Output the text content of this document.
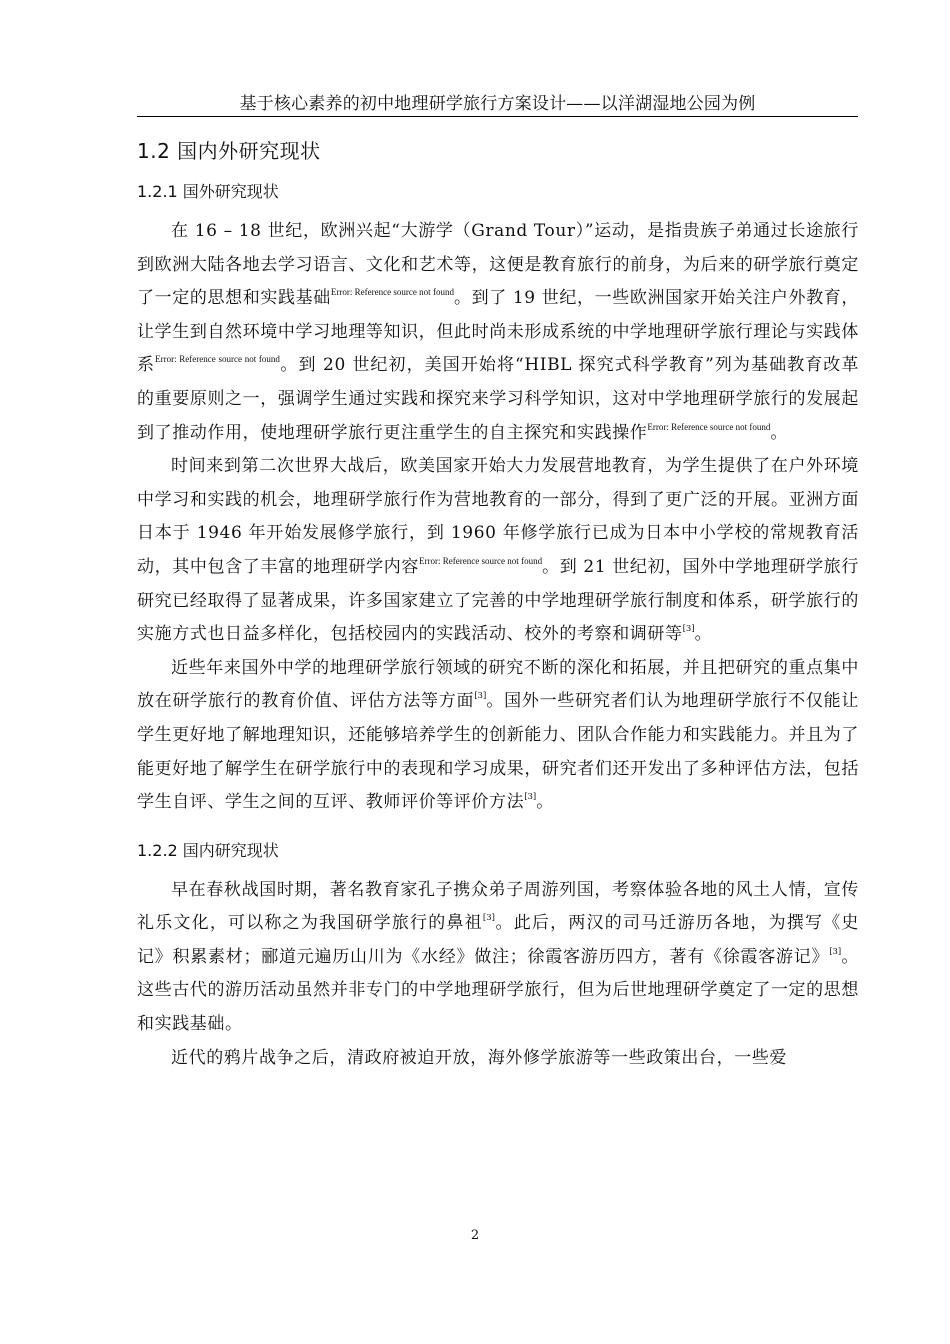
基于核心素养的初中地理研学旅行方案设计——以洋湖湿地公园为例
1.2 国内外研究现状
1.2.1 国外研究现状

在 16 – 18 世纪，欧洲兴起“大游学（Grand Tour）”运动，是指贵族子弟通过长途旅行到欧洲大陆各地去学习语言、文化和艺术等，这便是教育旅行的前身，为后来的研学旅行奠定了一定的思想和实践基础$^{Error: Reference source not found}$。到了 19 世纪，一些欧洲国家开始关注户外教育，让学生到自然环境中学习地理等知识，但此时尚未形成系统的中学地理研学旅行理论与实践体系$^{Error: Reference source not found}$。到 20 世纪初，美国开始将“HIBL 探究式科学教育”列为基础教育改革的重要原则之一，强调学生通过实践和探究来学习科学知识，这对中学地理研学旅行的发展起到了推动作用，使地理研学旅行更注重学生的自主探究和实践操作$^{Error: Reference source not found}$。

时间来到第二次世界大战后，欧美国家开始大力发展营地教育，为学生提供了在户外环境中学习和实践的机会，地理研学旅行作为营地教育的一部分，得到了更广泛的开展。亚洲方面日本于 1946 年开始发展修学旅行，到 1960 年修学旅行已成为日本中小学校的常规教育活动，其中包含了丰富的地理研学内容$^{Error: Reference source not found}$。到 21 世纪初，国外中学地理研学旅行研究已经取得了显著成果，许多国家建立了完善的中学地理研学旅行制度和体系，研学旅行的实施方式也日益多样化，包括校园内的实践活动、校外的考察和调研等[3]。

近些年来国外中学的地理研学旅行领域的研究不断的深化和拓展，并且把研究的重点集中放在研学旅行的教育价值、评估方法等方面[3]。国外一些研究者们认为地理研学旅行不仅能让学生更好地了解地理知识，还能够培养学生的创新能力、团队合作能力和实践能力。并且为了能更好地了解学生在研学旅行中的表现和学习成果，研究者们还开发出了多种评估方法，包括学生自评、学生之间的互评、教师评价等评价方法[3]。

1.2.2 国内研究现状

早在春秋战国时期，著名教育家孔子携众弟子周游列国，考察体验各地的风土人情，宣传礼乐文化，可以称之为我国研学旅行的鼻祖[3]。此后，两汉的司马迁游历各地，为撰写《史记》积累素材；郦道元遍历山川为《水经》做注；徐霞客游历四方，著有《徐霞客游记》[3]。这些古代的游历活动虽然并非专门的中学地理研学旅行，但为后世地理研学奠定了一定的思想和实践基础。

近代的鸦片战争之后，清政府被迫开放，海外修学旅游等一些政策出台，一些爱

2
